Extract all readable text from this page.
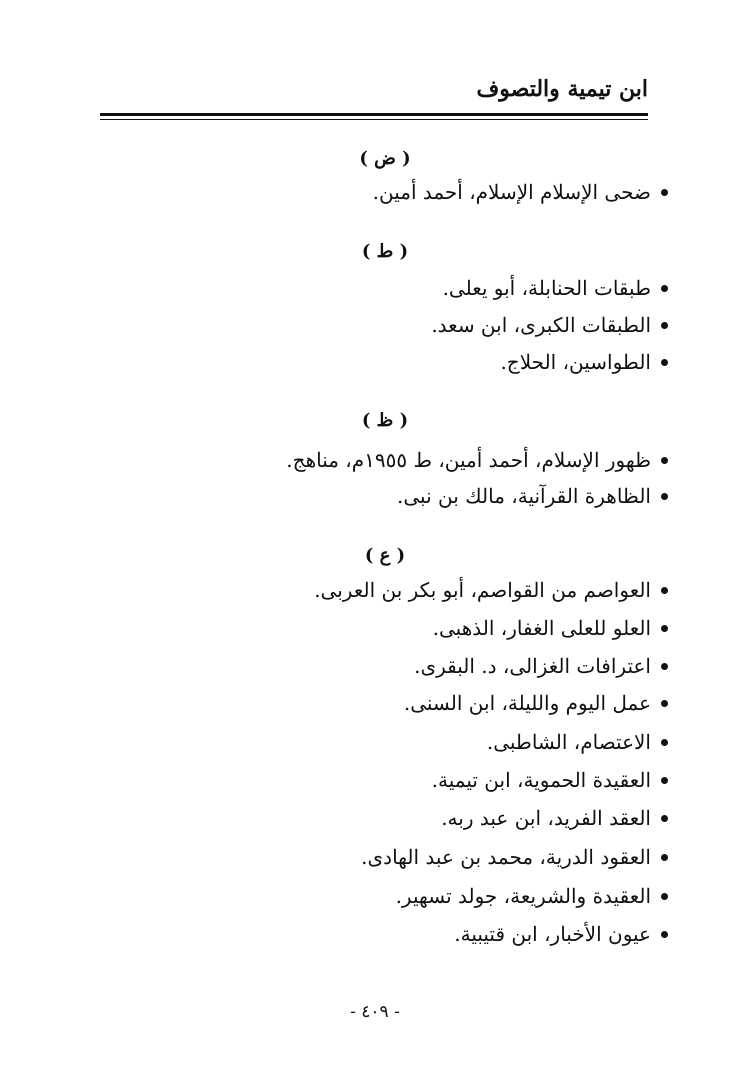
ابن تيمية والتصوف
( ض )
ضحى الإسلام الإسلام، أحمد أمين.
( ط )
طبقات الحنابلة، أبو يعلى.
الطبقات الكبرى، ابن سعد.
الطواسين، الحلاج.
( ظ )
ظهور الإسلام، أحمد أمين، ط ١٩٥٥م، مناهج.
الظاهرة القرآنية، مالك بن نبى.
( ع )
العواصم من القواصم، أبو بكر بن العربى.
العلو للعلى الغفار، الذهبى.
اعترافات الغزالى، د. البقرى.
عمل اليوم والليلة، ابن السنى.
الاعتصام، الشاطبى.
العقيدة الحموية، ابن تيمية.
العقد الفريد، ابن عبد ربه.
العقود الدرية، محمد بن عبد الهادى.
العقيدة والشريعة، جولد تسهير.
عيون الأخبار، ابن قتيبية.
- ٤٠٩ -
